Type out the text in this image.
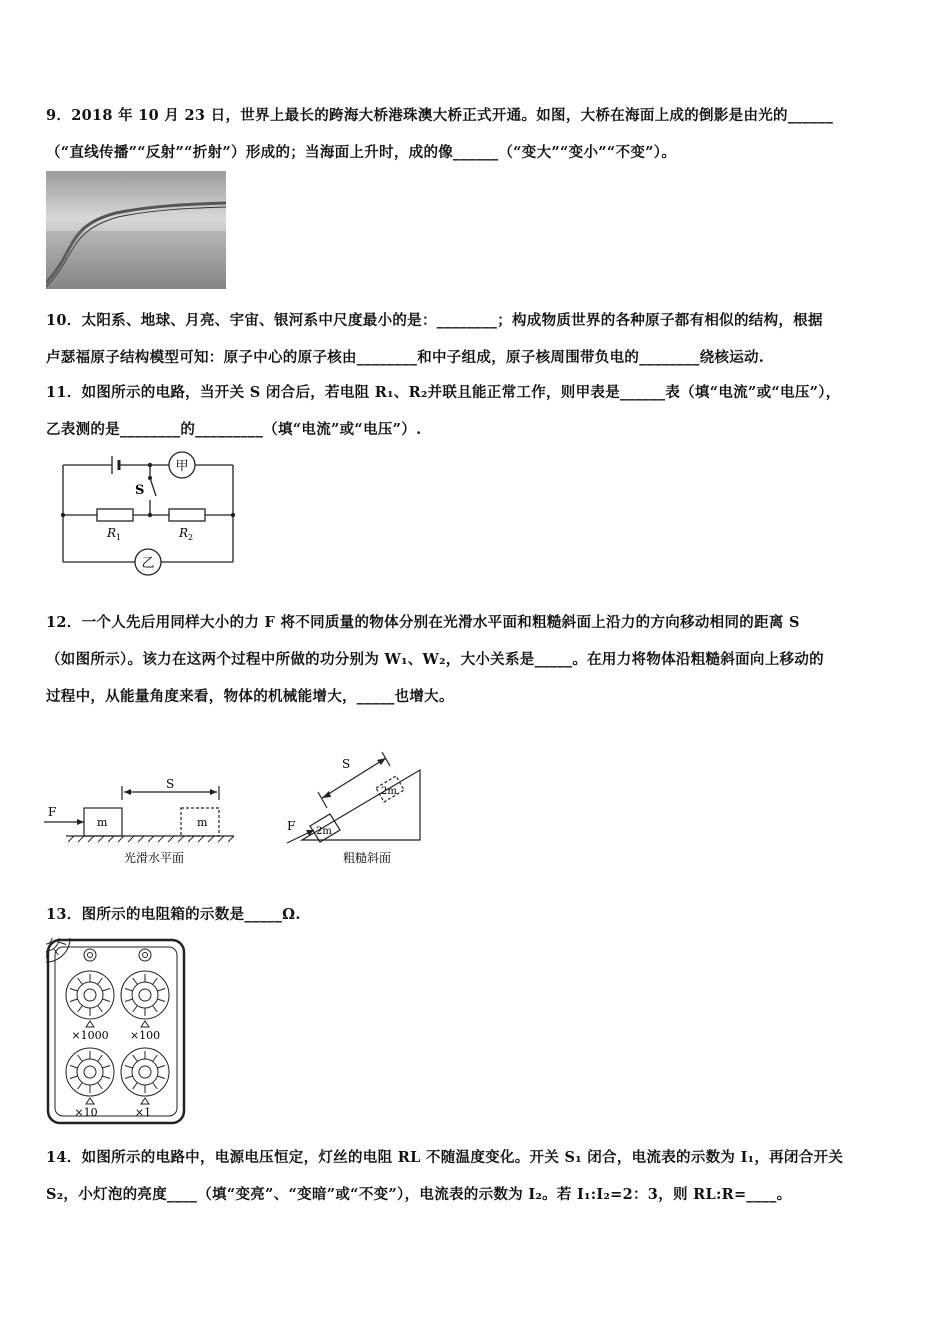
9．2018 年 10 月 23 日，世界上最长的跨海大桥港珠澳大桥正式开通。如图，大桥在海面上成的倒影是由光的______
（“直线传播”“反射”“折射”）形成的；当海面上升时，成的像______（“变大”“变小”“不变”）。
10．太阳系、地球、月亮、宇宙、银河系中尺度最小的是：________；构成物质世界的各种原子都有相似的结构，根据
卢瑟福原子结构模型可知：原子中心的原子核由________和中子组成，原子核周围带负电的________绕核运动.
11．如图所示的电路，当开关 S 闭合后，若电阻 R₁、R₂并联且能正常工作，则甲表是______表（填“电流”或“电压”），
乙表测的是________的_________（填“电流”或“电压”）.
甲
乙
S
R 1	R 2
12．一个人先后用同样大小的力 F 将不同质量的物体分别在光滑水平面和粗糙斜面上沿力的方向移动相同的距离 S
（如图所示）。该力在这两个过程中所做的功分别为 W₁、W₂，大小关系是_____。在用力将物体沿粗糙斜面向上移动的
过程中，从能量角度来看，物体的机械能增大，_____也增大。
F
S
m	m
光滑水平面
F
S
2m
2m
粗糙斜面
13．图所示的电阻箱的示数是_____Ω.
×1000 ×100
×10	×1
14．如图所示的电路中，电源电压恒定，灯丝的电阻 RL 不随温度变化。开关 S₁ 闭合，电流表的示数为 I₁，再闭合开关
S₂，小灯泡的亮度____（填“变亮”、“变暗”或“不变”），电流表的示数为 I₂。若 I₁:I₂=2：3，则 RL:R=____。
